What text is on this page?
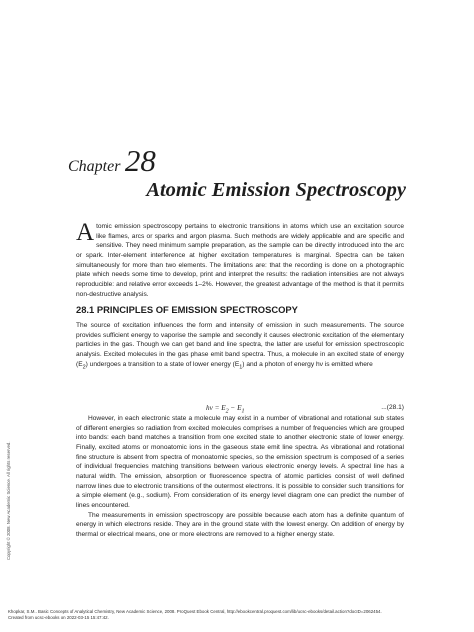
Chapter 28
Atomic Emission Spectroscopy
Atomic emission spectroscopy pertains to electronic transitions in atoms which use an excitation source like flames, arcs or sparks and argon plasma. Such methods are widely applicable and are specific and sensitive. They need minimum sample preparation, as the sample can be directly introduced into the arc or spark. Inter-element interference at higher excitation temperatures is marginal. Spectra can be taken simultaneously for more than two elements. The limitations are: that the recording is done on a photographic plate which needs some time to develop, print and interpret the results: the radiation intensities are not always reproducible: and relative error exceeds 1–2%. However, the greatest advantage of the method is that it permits non-destructive analysis.
28.1 PRINCIPLES OF EMISSION SPECTROSCOPY

The source of excitation influences the form and intensity of emission in such measurements. The source provides sufficient energy to vaporise the sample and secondly it causes electronic excitation of the elementary particles in the gas. Though we can get band and line spectra, the latter are useful for emission spectroscopic analysis. Excited molecules in the gas phase emit band spectra. Thus, a molecule in an excited state of energy $(E_2)$ undergoes a transition to a state of lower energy $(E_1)$ and a photon of energy hν is emitted where

$h\nu = E_2 - E_1$
...(28.1)

However, in each electronic state a molecule may exist in a number of vibrational and rotational sub states of different energies so radiation from excited molecules comprises a number of frequencies which are grouped into bands: each band matches a transition from one excited state to another electronic state of lower energy. Finally, excited atoms or monoatomic ions in the gaseous state emit line spectra. As vibrational and rotational fine structure is absent from spectra of monoatomic species, so the emission spectrum is composed of a series of individual frequencies matching transitions between various electronic energy levels. A spectral line has a natural width. The emission, absorption or fluorescence spectra of atomic particles consist of well defined narrow lines due to electronic transitions of the outermost electrons. It is possible to consider such transitions for a simple element (e.g., sodium). From consideration of its energy level diagram one can predict the number of lines encountered.

The measurements in emission spectroscopy are possible because each atom has a definite quantum of energy in which electrons reside. They are in the ground state with the lowest energy. On addition of energy by thermal or electrical means, one or more electrons are removed to a higher energy state.

Copyright © 2008. New Academic Science. All rights reserved.
Khopkar, S.M.. Basic Concepts of Analytical Chemistry, New Academic Science, 2008. ProQuest Ebook Central, http://ebookcentral.proquest.com/lib/ucsc-ebooks/detail.action?docID=2062454.
Created from ucsc-ebooks on 2022-03-15 15:47:42.
